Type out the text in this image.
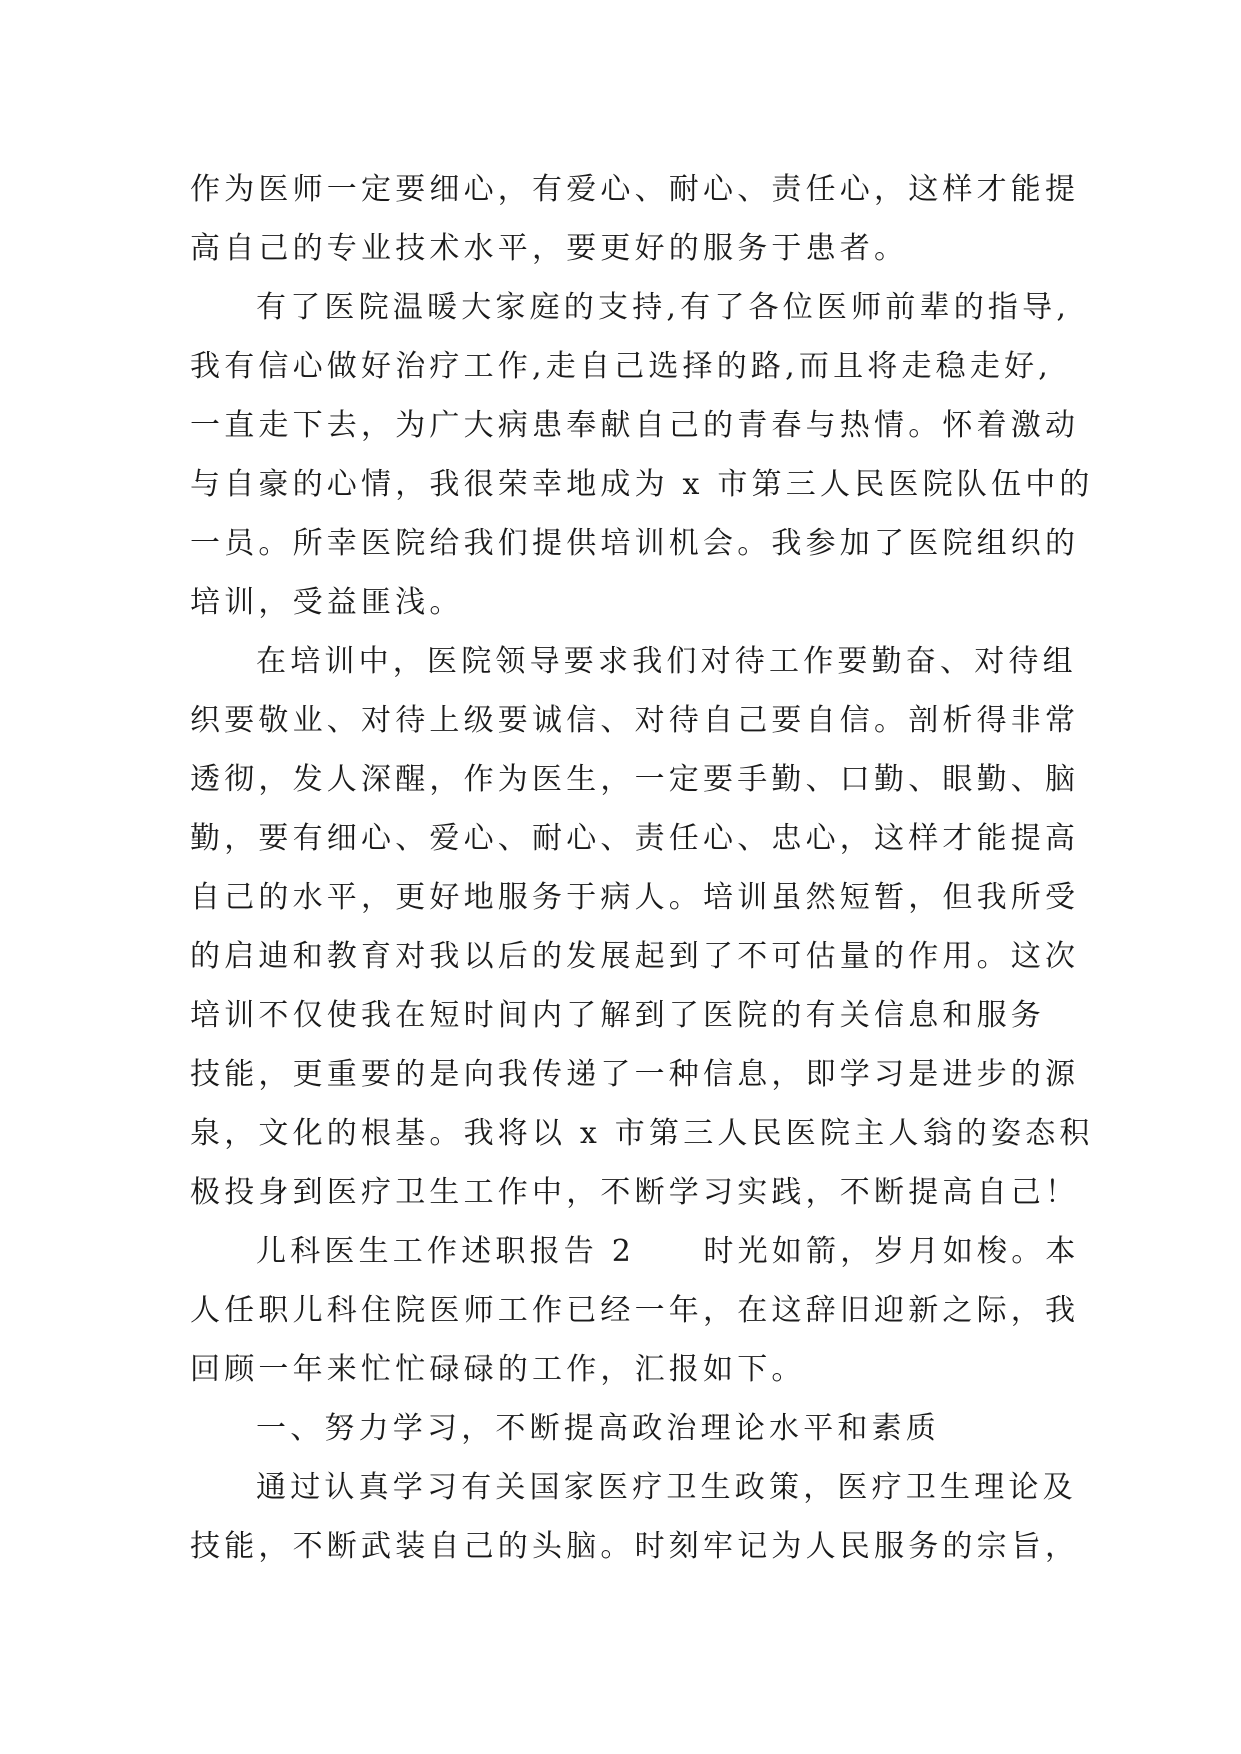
作为医师一定要细心，有爱心、耐心、责任心，这样才能提
高自己的专业技术水平，要更好的服务于患者。
有了医院温暖大家庭的支持,有了各位医师前辈的指导,
我有信心做好治疗工作,走自己选择的路,而且将走稳走好,
一直走下去，为广大病患奉献自己的青春与热情。怀着激动
与自豪的心情，我很荣幸地成为 x 市第三人民医院队伍中的
一员。所幸医院给我们提供培训机会。我参加了医院组织的
培训，受益匪浅。
在培训中，医院领导要求我们对待工作要勤奋、对待组
织要敬业、对待上级要诚信、对待自己要自信。剖析得非常
透彻，发人深醒，作为医生，一定要手勤、口勤、眼勤、脑
勤，要有细心、爱心、耐心、责任心、忠心，这样才能提高
自己的水平，更好地服务于病人。培训虽然短暂，但我所受
的启迪和教育对我以后的发展起到了不可估量的作用。这次
培训不仅使我在短时间内了解到了医院的有关信息和服务
技能，更重要的是向我传递了一种信息，即学习是进步的源
泉，文化的根基。我将以 x 市第三人民医院主人翁的姿态积
极投身到医疗卫生工作中，不断学习实践，不断提高自己！
儿科医生工作述职报告 2　　时光如箭，岁月如梭。本
人任职儿科住院医师工作已经一年，在这辞旧迎新之际，我
回顾一年来忙忙碌碌的工作，汇报如下。
一、努力学习，不断提高政治理论水平和素质
通过认真学习有关国家医疗卫生政策，医疗卫生理论及
技能，不断武装自己的头脑。时刻牢记为人民服务的宗旨，
